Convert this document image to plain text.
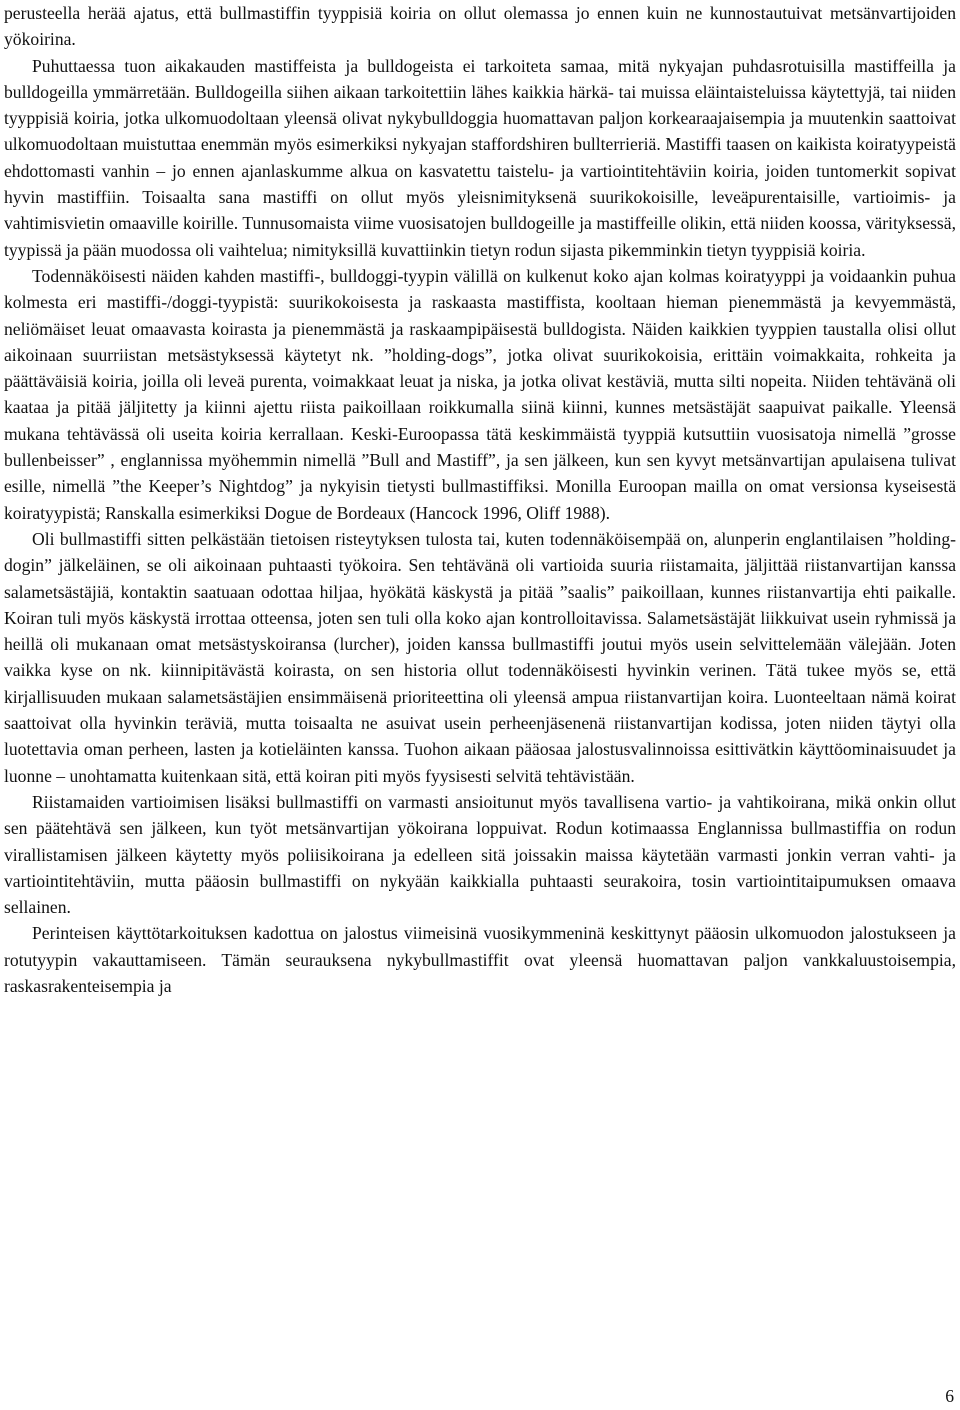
perusteella herää ajatus, että bullmastiffin tyyppisiä koiria on ollut olemassa jo ennen kuin ne kunnostautuivat metsänvartijoiden yökoirina.

Puhuttaessa tuon aikakauden mastiffeista ja bulldogeista ei tarkoiteta samaa, mitä nykyajan puhdasrotuisilla mastiffeilla ja bulldogeilla ymmärretään. Bulldogeilla siihen aikaan tarkoitettiin lähes kaikkia härkä- tai muissa eläintaisteluissa käytettyjä, tai niiden tyyppisiä koiria, jotka ulkomuodoltaan yleensä olivat nykybulldoggia huomattavan paljon korkearaajaisempia ja muutenkin saattoivat ulkomuodoltaan muistuttaa enemmän myös esimerkiksi nykyajan staffordshiren bullterrieriä. Mastiffi taasen on kaikista koiratyypeistä ehdottomasti vanhin – jo ennen ajanlaskumme alkua on kasvatettu taistelu- ja vartiointitehtäviin koiria, joiden tuntomerkit sopivat hyvin mastiffiin. Toisaalta sana mastiffi on ollut myös yleisnimityksenä suurikokoisille, leveäpurentaisille, vartioimis- ja vahtimisvietin omaaville koirille. Tunnusomaista viime vuosisatojen bulldogeille ja mastiffeille olikin, että niiden koossa, värityksessä, tyypissä ja pään muodossa oli vaihtelua; nimityksillä kuvattiinkin tietyn rodun sijasta pikemminkin tietyn tyyppisiä koiria.

Todennäköisesti näiden kahden mastiffi-, bulldoggi-tyypin välillä on kulkenut koko ajan kolmas koiratyyppi ja voidaankin puhua kolmesta eri mastiffi-/doggi-tyypistä: suurikokoisesta ja raskaasta mastiffista, kooltaan hieman pienemmästä ja kevyemmästä, neliömäiset leuat omaavasta koirasta ja pienemmästä ja raskaampipäisestä bulldogista. Näiden kaikkien tyyppien taustalla olisi ollut aikoinaan suurriistan metsästyksessä käytetyt nk. ”holding-dogs”, jotka olivat suurikokoisia, erittäin voimakkaita, rohkeita ja päättäväisiä koiria, joilla oli leveä purenta, voimakkaat leuat ja niska, ja jotka olivat kestäviä, mutta silti nopeita. Niiden tehtävänä oli kaataa ja pitää jäljitetty ja kiinni ajettu riista paikoillaan roikkumalla siinä kiinni, kunnes metsästäjät saapuivat paikalle. Yleensä mukana tehtävässä oli useita koiria kerrallaan. Keski-Euroopassa tätä keskimmäistä tyyppiä kutsuttiin vuosisatoja nimellä ”grosse bullenbeisser” , englannissa myöhemmin nimellä ”Bull and Mastiff”, ja sen jälkeen, kun sen kyvyt metsänvartijan apulaisena tulivat esille, nimellä ”the Keeper’s Nightdog” ja nykyisin tietysti bullmastiffiksi. Monilla Euroopan mailla on omat versionsa kyseisestä koiratyypistä; Ranskalla esimerkiksi Dogue de Bordeaux (Hancock 1996, Oliff 1988).

Oli bullmastiffi sitten pelkästään tietoisen risteytyksen tulosta tai, kuten todennäköisempää on, alunperin englantilaisen ”holding-dogin” jälkeläinen, se oli aikoinaan puhtaasti työkoira. Sen tehtävänä oli vartioida suuria riistamaita, jäljittää riistanvartijan kanssa salametsästäjiä, kontaktin saatuaan odottaa hiljaa, hyökätä käskystä ja pitää ”saalis” paikoillaan, kunnes riistanvartija ehti paikalle. Koiran tuli myös käskystä irrottaa otteensa, joten sen tuli olla koko ajan kontrolloitavissa. Salametsästäjät liikkuivat usein ryhmissä ja heillä oli mukanaan omat metsästyskoiransa (lurcher), joiden kanssa bullmastiffi joutui myös usein selvittelemään välejään. Joten vaikka kyse on nk. kiinnipitävästä koirasta, on sen historia ollut todennäköisesti hyvinkin verinen. Tätä tukee myös se, että kirjallisuuden mukaan salametsästäjien ensimmäisenä prioriteettina oli yleensä ampua riistanvartijan koira. Luonteeltaan nämä koirat saattoivat olla hyvinkin teräviä, mutta toisaalta ne asuivat usein perheenjäsenenä riistanvartijan kodissa, joten niiden täytyi olla luotettavia oman perheen, lasten ja kotieläinten kanssa. Tuohon aikaan pääosaa jalostusvalinnoissa esittivätkin käyttöominaisuudet ja luonne – unohtamatta kuitenkaan sitä, että koiran piti myös fyysisesti selvitä tehtävistään.

Riistamaiden vartioimisen lisäksi bullmastiffi on varmasti ansioitunut myös tavallisena vartio- ja vahtikoirana, mikä onkin ollut sen päätehtävä sen jälkeen, kun työt metsänvartijan yökoirana loppuivat. Rodun kotimaassa Englannissa bullmastiffia on rodun virallistamisen jälkeen käytetty myös poliisikoirana ja edelleen sitä joissakin maissa käytetään varmasti jonkin verran vahti- ja vartiointitehtäviin, mutta pääosin bullmastiffi on nykyään kaikkialla puhtaasti seurakoira, tosin vartiointitaipumuksen omaava sellainen.

Perinteisen käyttötarkoituksen kadottua on jalostus viimeisinä vuosikymmeninä keskittynyt pääosin ulkomuodon jalostukseen ja rotutyypin vakauttamiseen. Tämän seurauksena nykybullmastiffit ovat yleensä huomattavan paljon vankkaluustoisempia, raskasrakenteisempia ja

6
